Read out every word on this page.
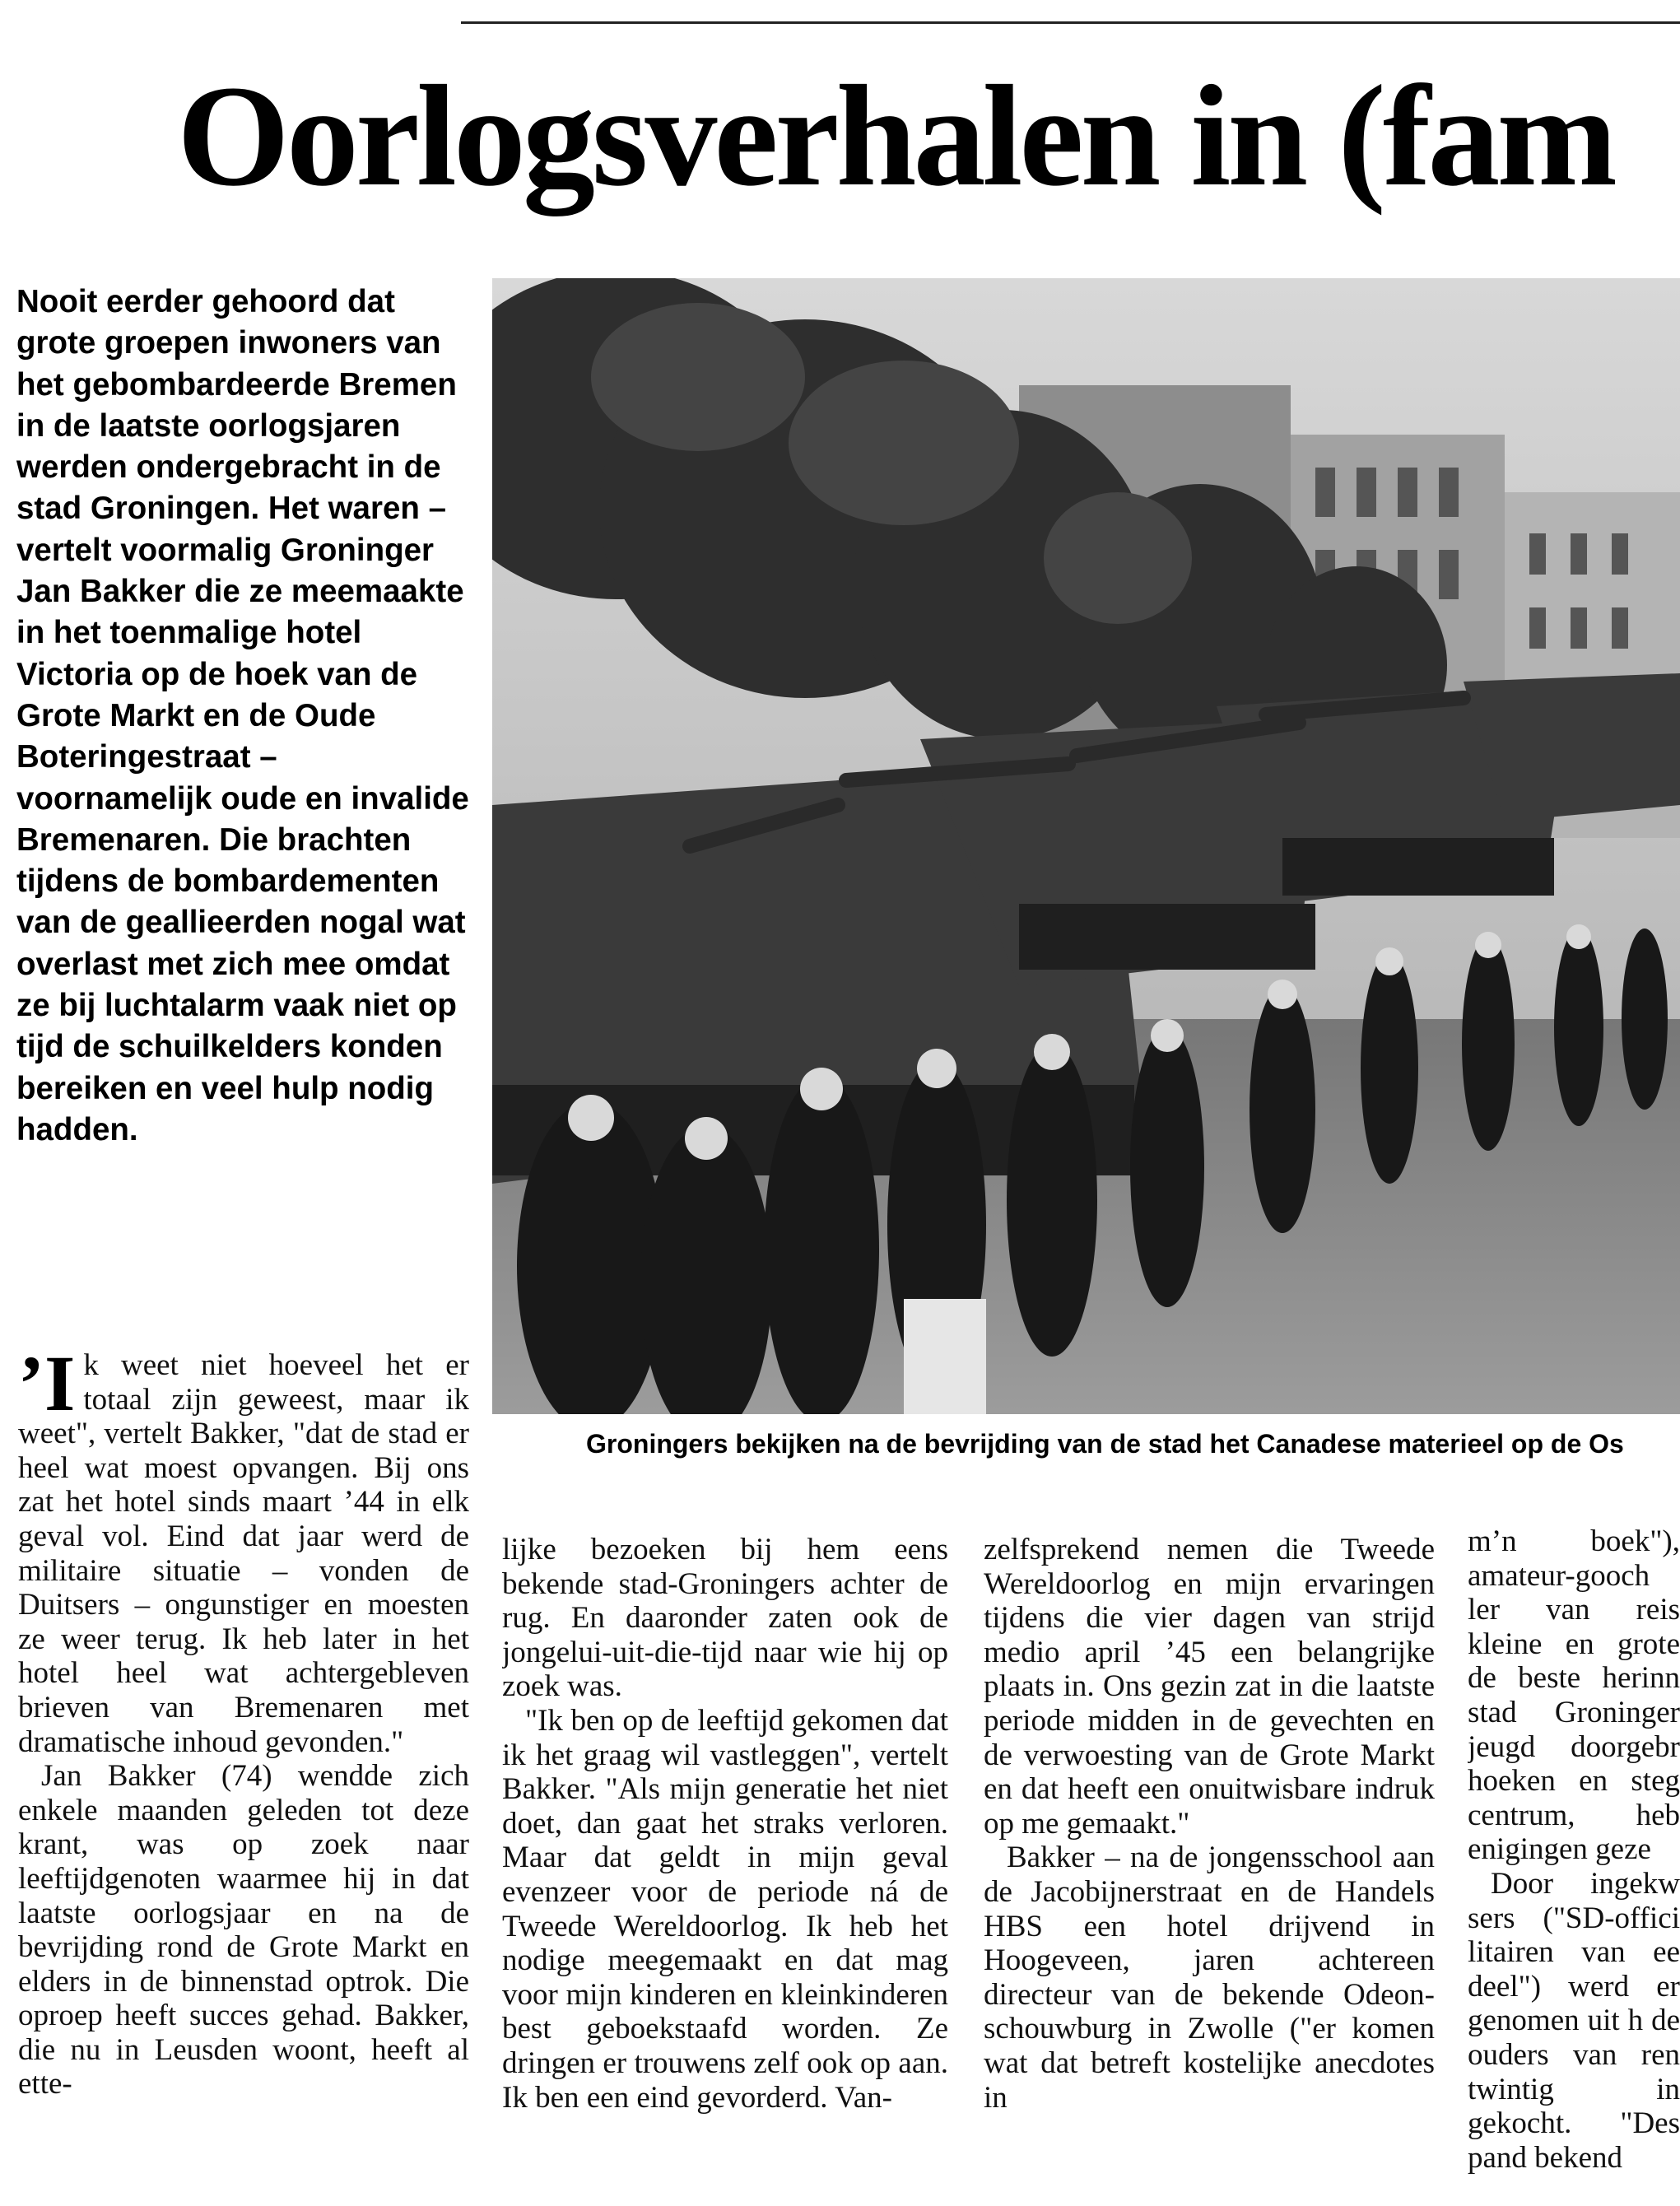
Oorlogsverhalen in (fam

Nooit eerder gehoord dat grote groepen inwoners van het gebombardeerde Bremen in de laatste oorlogsjaren werden ondergebracht in de stad Groningen. Het waren – vertelt voormalig Groninger Jan Bakker die ze meemaakte in het toenmalige hotel Victoria op de hoek van de Grote Markt en de Oude Boteringestraat – voornamelijk oude en invalide Bremenaren. Die brachten tijdens de bombardementen van de geallieerden nogal wat overlast met zich mee omdat ze bij luchtalarm vaak niet op tijd de schuilkelders konden bereiken en veel hulp nodig hadden.

Groningers bekijken na de bevrijding van de stad het Canadese materieel op de Os

’I k weet niet hoeveel het er totaal zijn geweest, maar ik weet", vertelt Bakker, "dat de stad er heel wat moest opvangen. Bij ons zat het hotel sinds maart ’44 in elk geval vol. Eind dat jaar werd de militaire situatie – vonden de Duitsers – ongunstiger en moesten ze weer terug. Ik heb later in het hotel heel wat achtergebleven brieven van Bremenaren met dramatische inhoud gevonden."

Jan Bakker (74) wendde zich enkele maanden geleden tot deze krant, was op zoek naar leeftijdgenoten waarmee hij in dat laatste oorlogsjaar en na de bevrijding rond de Grote Markt en elders in de binnenstad optrok. Die oproep heeft succes gehad. Bakker, die nu in Leusden woont, heeft al ette-

lijke bezoeken bij hem eens bekende stad-Groningers achter de rug. En daaronder zaten ook de jongelui-uit-die-tijd naar wie hij op zoek was.

"Ik ben op de leeftijd gekomen dat ik het graag wil vastleggen", vertelt Bakker. "Als mijn generatie het niet doet, dan gaat het straks verloren. Maar dat geldt in mijn geval evenzeer voor de periode ná de Tweede Wereldoorlog. Ik heb het nodige meegemaakt en dat mag voor mijn kinderen en kleinkinderen best geboekstaafd worden. Ze dringen er trouwens zelf ook op aan. Ik ben een eind gevorderd. Van-

zelfsprekend nemen die Tweede Wereldoorlog en mijn ervaringen tijdens die vier dagen van strijd medio april ’45 een belangrijke plaats in. Ons gezin zat in die laatste periode midden in de gevechten en de verwoesting van de Grote Markt en dat heeft een onuitwisbare indruk op me gemaakt."

Bakker – na de jongensschool aan de Jacobijnerstraat en de Handels HBS een hotel drijvend in Hoogeveen, jaren achtereen directeur van de bekende Odeon-schouwburg in Zwolle ("er komen wat dat betreft kostelijke anecdotes in

m’n boek"), amateur-gooch ler van reis kleine en grote de beste herinn stad Groninger jeugd doorgebr hoeken en steg centrum, heb enigingen geze

Door ingekw sers ("SD-offici litairen van ee deel") werd er genomen uit h de ouders van ren twintig in gekocht. "Des pand bekend
